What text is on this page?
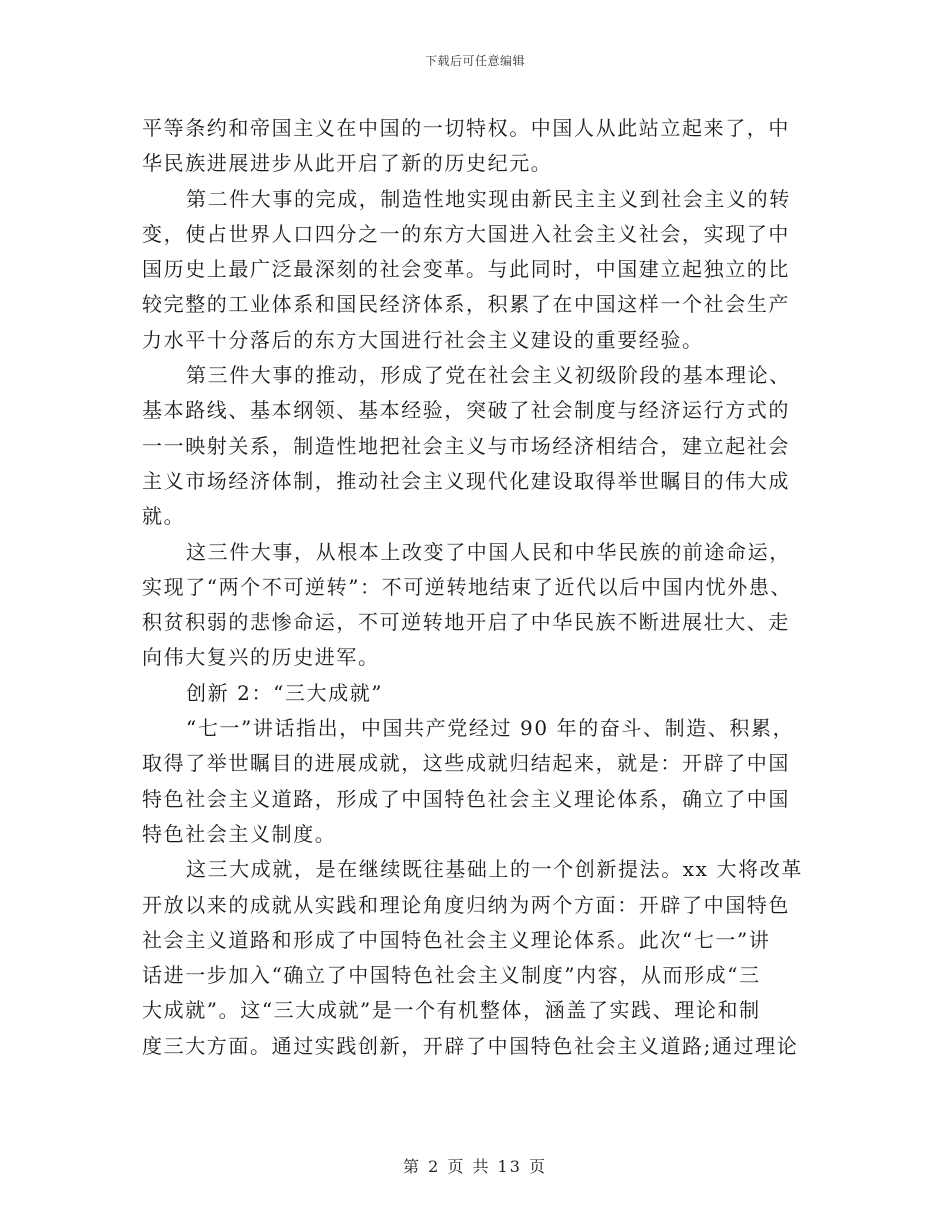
下载后可任意编辑
平等条约和帝国主义在中国的一切特权。中国人从此站立起来了，中
华民族进展进步从此开启了新的历史纪元。
第二件大事的完成，制造性地实现由新民主主义到社会主义的转
变，使占世界人口四分之一的东方大国进入社会主义社会，实现了中
国历史上最广泛最深刻的社会变革。与此同时，中国建立起独立的比
较完整的工业体系和国民经济体系，积累了在中国这样一个社会生产
力水平十分落后的东方大国进行社会主义建设的重要经验。
第三件大事的推动，形成了党在社会主义初级阶段的基本理论、
基本路线、基本纲领、基本经验，突破了社会制度与经济运行方式的
一一映射关系，制造性地把社会主义与市场经济相结合，建立起社会
主义市场经济体制，推动社会主义现代化建设取得举世瞩目的伟大成
就。
这三件大事，从根本上改变了中国人民和中华民族的前途命运，
实现了“两个不可逆转”：不可逆转地结束了近代以后中国内忧外患、
积贫积弱的悲惨命运，不可逆转地开启了中华民族不断进展壮大、走
向伟大复兴的历史进军。
创新 2：“三大成就”
“七一”讲话指出，中国共产党经过 90 年的奋斗、制造、积累，
取得了举世瞩目的进展成就，这些成就归结起来，就是：开辟了中国
特色社会主义道路，形成了中国特色社会主义理论体系，确立了中国
特色社会主义制度。
这三大成就，是在继续既往基础上的一个创新提法。xx 大将改革
开放以来的成就从实践和理论角度归纳为两个方面：开辟了中国特色
社会主义道路和形成了中国特色社会主义理论体系。此次“七一”讲
话进一步加入“确立了中国特色社会主义制度”内容，从而形成“三
大成就”。这“三大成就”是一个有机整体，涵盖了实践、理论和制
度三大方面。通过实践创新，开辟了中国特色社会主义道路;通过理论
第 2 页 共 13 页
